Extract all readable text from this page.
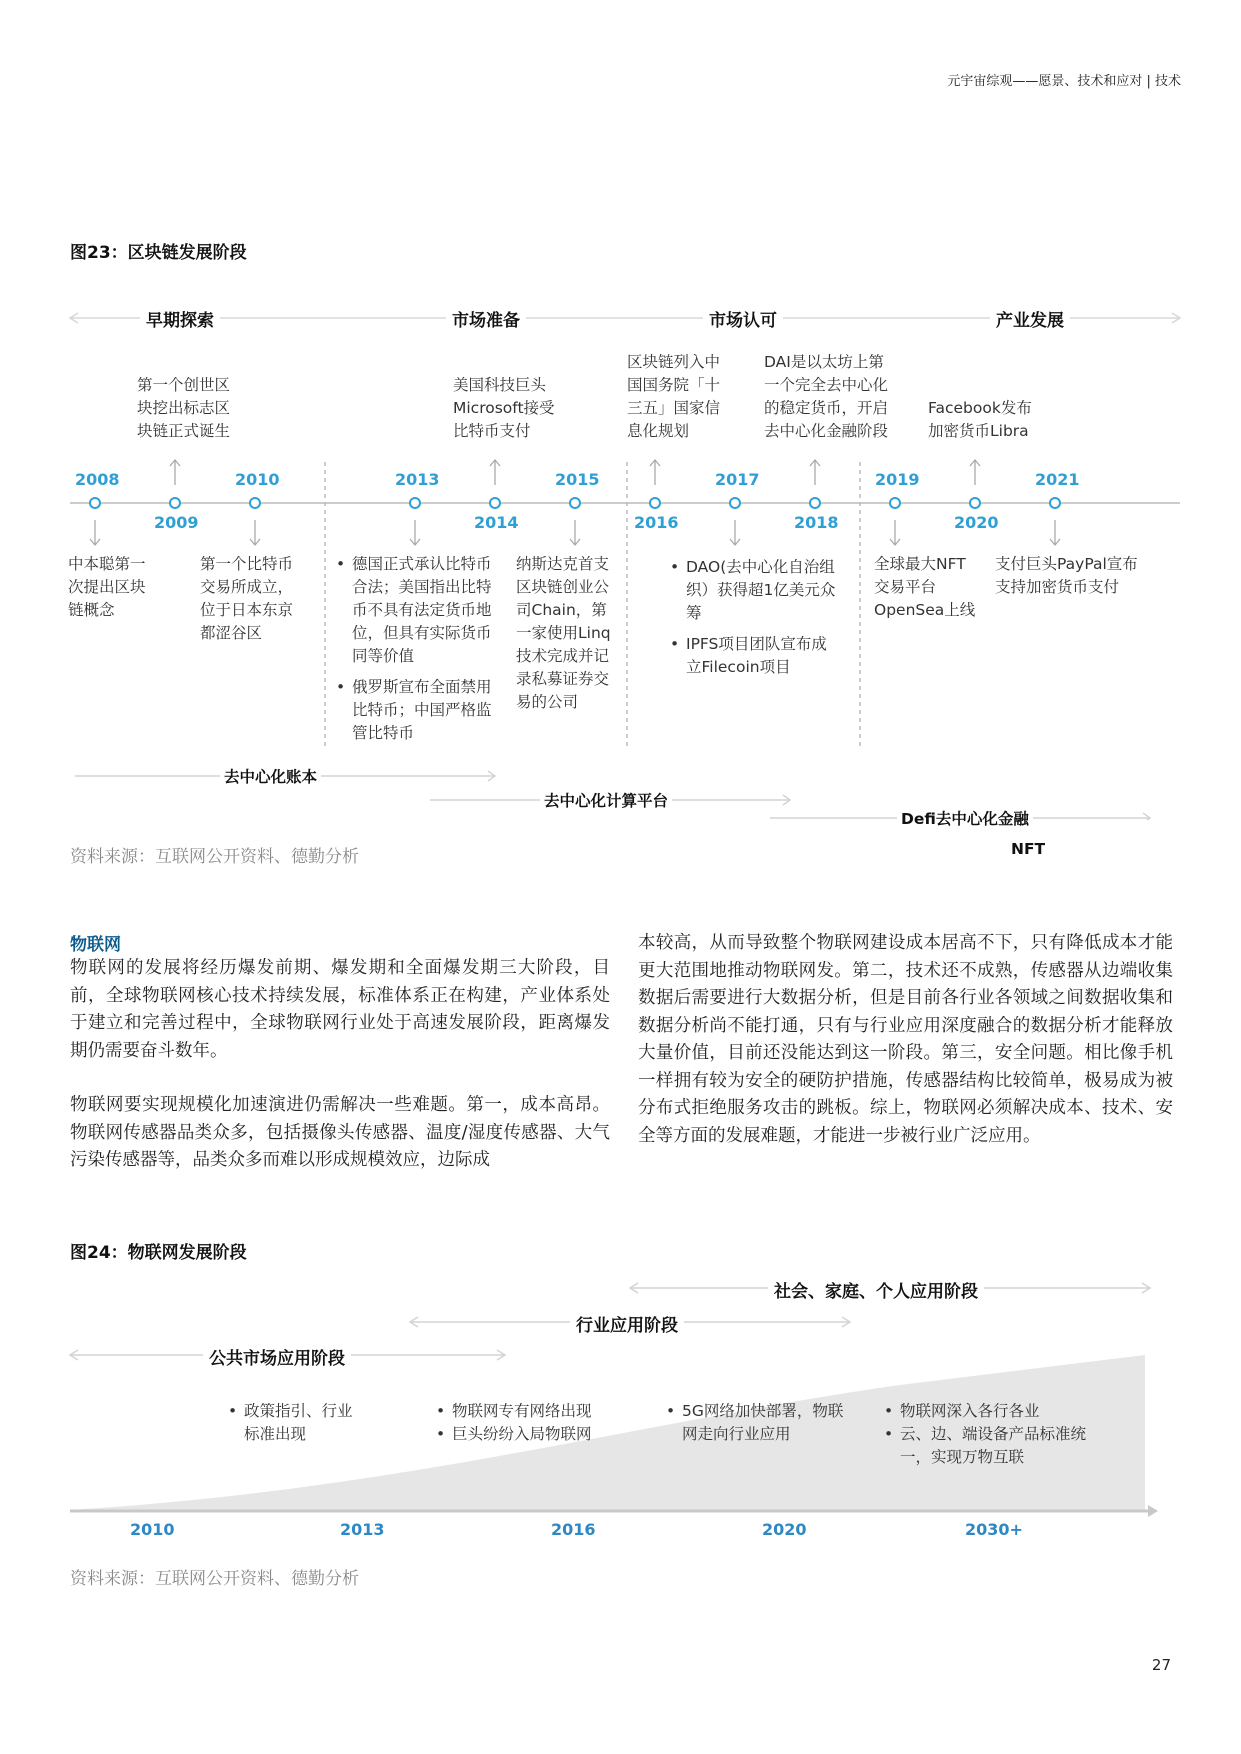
元宇宙综观——愿景、技术和应对 | 技术
图23：区块链发展阶段
早期探索	市场准备	市场认可	产业发展
2008	2010	2013	2015	2017	2019	2021
2009	2014	2016	2018	2020

第一个创世区

块挖出标志区

块链正式诞生

美国科技巨头

Microsoft接受

比特币支付

区块链列入中

国国务院「十

三五」国家信

息化规划

DAI是以太坊上第

一个完全去中心化

的稳定货币，开启

去中心化金融阶段

Facebook发布

加密货币Libra

中本聪第一

次提出区块

链概念

第一个比特币

交易所成立，

位于日本东京

都涩谷区

• 德国正式承认比特币合法；美国指出比特币不具有法定货币地位，但具有实际货币同等价值
• 俄罗斯宣布全面禁用比特币；中国严格监管比特币

纳斯达克首支

区块链创业公

司Chain，第

一家使用Linq

技术完成并记

录私募证券交

易的公司

• DAO(去中心化自治组织）获得超1亿美元众筹
• IPFS项目团队宣布成立Filecoin项目

全球最大NFT

交易平台

OpenSea上线

支付巨头PayPal宣布

支持加密货币支付

去中心化账本
去中心化计算平台
Defi去中心化金融
NFT
资料来源：互联网公开资料、德勤分析
物联网

物联网的发展将经历爆发前期、爆发期和全面爆发期三大阶段，目前，全球物联网核心技术持续发展，标准体系正在构建，产业体系处于建立和完善过程中，全球物联网行业处于高速发展阶段，距离爆发期仍需要奋斗数年。

物联网要实现规模化加速演进仍需解决一些难题。第一，成本高昂。物联网传感器品类众多，包括摄像头传感器、温度/湿度传感器、大气污染传感器等，品类众多而难以形成规模效应，边际成

本较高，从而导致整个物联网建设成本居高不下，只有降低成本才能更大范围地推动物联网发。第二，技术还不成熟，传感器从边端收集数据后需要进行大数据分析，但是目前各行业各领域之间数据收集和数据分析尚不能打通，只有与行业应用深度融合的数据分析才能释放大量价值，目前还没能达到这一阶段。第三，安全问题。相比像手机一样拥有较为安全的硬防护措施，传感器结构比较简单，极易成为被分布式拒绝服务攻击的跳板。综上，物联网必须解决成本、技术、安全等方面的发展难题，才能进一步被行业广泛应用。

图24：物联网发展阶段
社会、家庭、个人应用阶段
行业应用阶段
公共市场应用阶段
• 政策指引、行业标准出现
• 物联网专有网络出现
• 巨头纷纷入局物联网
• 5G网络加快部署，物联网走向行业应用
• 物联网深入各行各业
• 云、边、端设备产品标准统一，实现万物互联
2010	2013	2016	2020	2030+
资料来源：互联网公开资料、德勤分析
27
